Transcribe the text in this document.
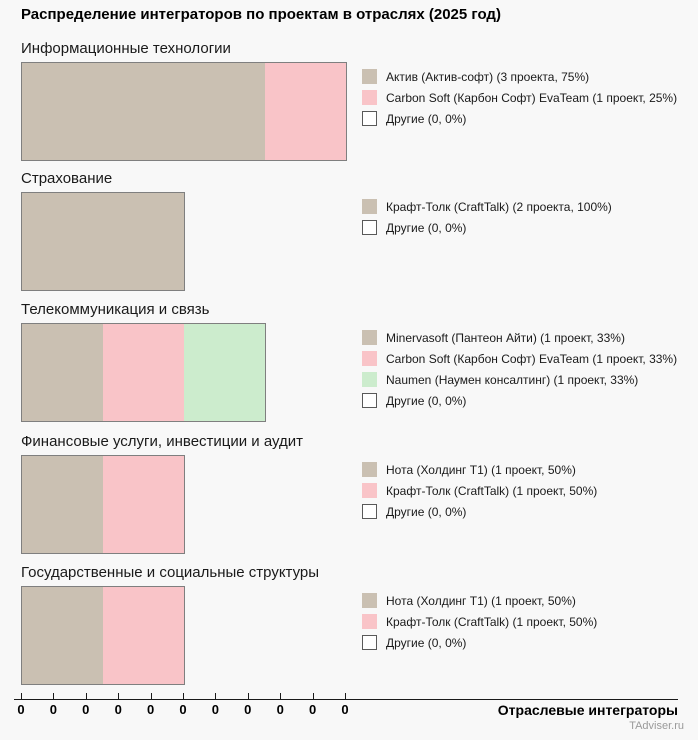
Распределение интеграторов по проектам в отраслях (2025 год)
Информационные технологии
Актив (Актив-софт) (3 проекта, 75%)
Carbon Soft (Карбон Софт) EvaTeam (1 проект, 25%)
Другие (0, 0%)
Страхование
Крафт-Толк (CraftTalk) (2 проекта, 100%)
Другие (0, 0%)
Телекоммуникация и связь
Minervasoft (Пантеон Айти) (1 проект, 33%)
Carbon Soft (Карбон Софт) EvaTeam (1 проект, 33%)
Naumen (Наумен консалтинг) (1 проект, 33%)
Другие (0, 0%)
Финансовые услуги, инвестиции и аудит
Нота (Холдинг Т1) (1 проект, 50%)
Крафт-Толк (CraftTalk) (1 проект, 50%)
Другие (0, 0%)
Государственные и социальные структуры
Нота (Холдинг Т1) (1 проект, 50%)
Крафт-Толк (CraftTalk) (1 проект, 50%)
Другие (0, 0%)
0	0	0	0	0	0	0	0	0	0	0	Отраслевые интеграторы
TAdviser.ru
